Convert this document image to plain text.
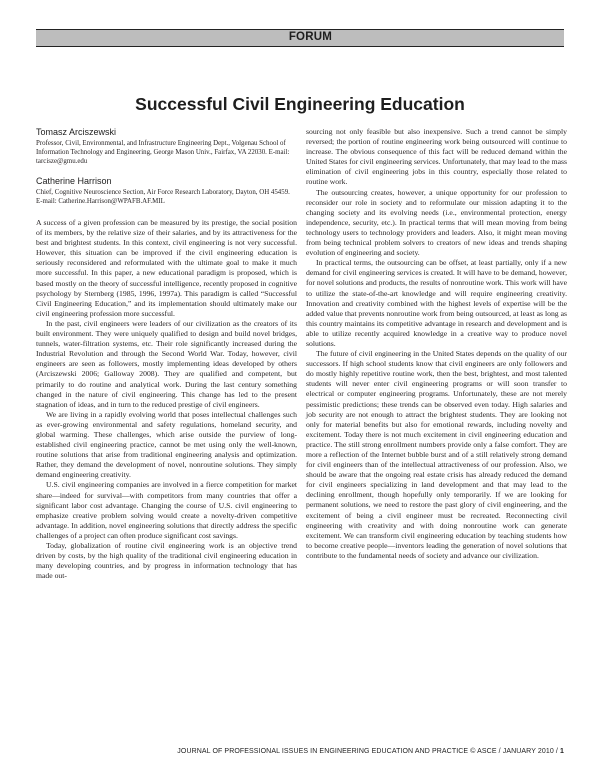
FORUM
Successful Civil Engineering Education
Tomasz Arciszewski
Professor, Civil, Environmental, and Infrastructure Engineering Dept., Volgenau School of Information Technology and Engineering, George Mason Univ., Fairfax, VA 22030. E-mail: tarcisze@gmu.edu
Catherine Harrison
Chief, Cognitive Neuroscience Section, Air Force Research Laboratory, Dayton, OH 45459. E-mail: Catherine.Harrison@WPAFB.AF.MIL

A success of a given profession can be measured by its prestige, the social position of its members, by the relative size of their salaries, and by its attractiveness for the best and brightest students. In this context, civil engineering is not very successful. However, this situation can be improved if the civil engineering education is seriously reconsidered and reformulated with the ultimate goal to make it much more successful. In this paper, a new educational paradigm is proposed, which is based mostly on the theory of successful intelligence, recently proposed in cognitive psychology by Sternberg (1985, 1996, 1997a). This paradigm is called “Successful Civil Engineering Education,” and its implementation should ultimately make our civil engineering profession more successful.

In the past, civil engineers were leaders of our civilization as the creators of its built environment. They were uniquely qualified to design and build novel bridges, tunnels, water-filtration systems, etc. Their role significantly increased during the Industrial Revolution and through the Second World War. Today, however, civil engineers are seen as followers, mostly implementing ideas developed by others (Arciszewski 2006; Galloway 2008). They are qualified and competent, but primarily to do routine and analytical work. During the last century something changed in the nature of civil engineering. This change has led to the present stagnation of ideas, and in turn to the reduced prestige of civil engineers.

We are living in a rapidly evolving world that poses intellectual challenges such as ever-growing environmental and safety regulations, homeland security, and global warming. These challenges, which arise outside the purview of long-established civil engineering practice, cannot be met using only the well-known, routine solutions that arise from traditional engineering analysis and optimization. Rather, they demand the development of novel, nonroutine solutions. They simply demand engineering creativity.

U.S. civil engineering companies are involved in a fierce competition for market share—indeed for survival—with competitors from many countries that offer a significant labor cost advantage. Changing the course of U.S. civil engineering to emphasize creative problem solving would create a novelty-driven competitive advantage. In addition, novel engineering solutions that directly address the specific challenges of a project can often produce significant cost savings.

Today, globalization of routine civil engineering work is an objective trend driven by costs, by the high quality of the traditional civil engineering education in many developing countries, and by progress in information technology that has made out-

sourcing not only feasible but also inexpensive. Such a trend cannot be simply reversed; the portion of routine engineering work being outsourced will continue to increase. The obvious consequence of this fact will be reduced demand within the United States for civil engineering services. Unfortunately, that may lead to the mass elimination of civil engineering jobs in this country, especially those related to routine work.

The outsourcing creates, however, a unique opportunity for our profession to reconsider our role in society and to reformulate our mission adapting it to the changing society and its evolving needs (i.e., environmental protection, energy independence, security, etc.). In practical terms that will mean moving from being technology users to technology providers and leaders. Also, it might mean moving from being technical problem solvers to creators of new ideas and trends shaping evolution of engineering and society.

In practical terms, the outsourcing can be offset, at least partially, only if a new demand for civil engineering services is created. It will have to be demand, however, for novel solutions and products, the results of nonroutine work. This work will have to utilize the state-of-the-art knowledge and will require engineering creativity. Innovation and creativity combined with the highest levels of expertise will be the added value that prevents nonroutine work from being outsourced, at least as long as this country maintains its competitive advantage in research and development and is able to utilize recently acquired knowledge in a creative way to produce novel solutions.

The future of civil engineering in the United States depends on the quality of our successors. If high school students know that civil engineers are only followers and do mostly highly repetitive routine work, then the best, brightest, and most talented students will never enter civil engineering programs or will soon transfer to electrical or computer engineering programs. Unfortunately, these are not merely pessimistic predictions; these trends can be observed even today. High salaries and job security are not enough to attract the brightest students. They are looking not only for material benefits but also for emotional rewards, including novelty and excitement. Today there is not much excitement in civil engineering education and practice. The still strong enrollment numbers provide only a false comfort. They are more a reflection of the Internet bubble burst and of a still relatively strong demand for civil engineers than of the intellectual attractiveness of our profession. Also, we should be aware that the ongoing real estate crisis has already reduced the demand for civil engineers specializing in land development and that may lead to the declining enrollment, though hopefully only temporarily. If we are looking for permanent solutions, we need to restore the past glory of civil engineering, and the excitement of being a civil engineer must be recreated. Reconnecting civil engineering with creativity and with doing nonroutine work can generate excitement. We can transform civil engineering education by teaching students how to become creative people—inventors leading the generation of novel solutions that contribute to the fundamental needs of society and advance our civilization.

JOURNAL OF PROFESSIONAL ISSUES IN ENGINEERING EDUCATION AND PRACTICE © ASCE / JANUARY 2010 / 1
